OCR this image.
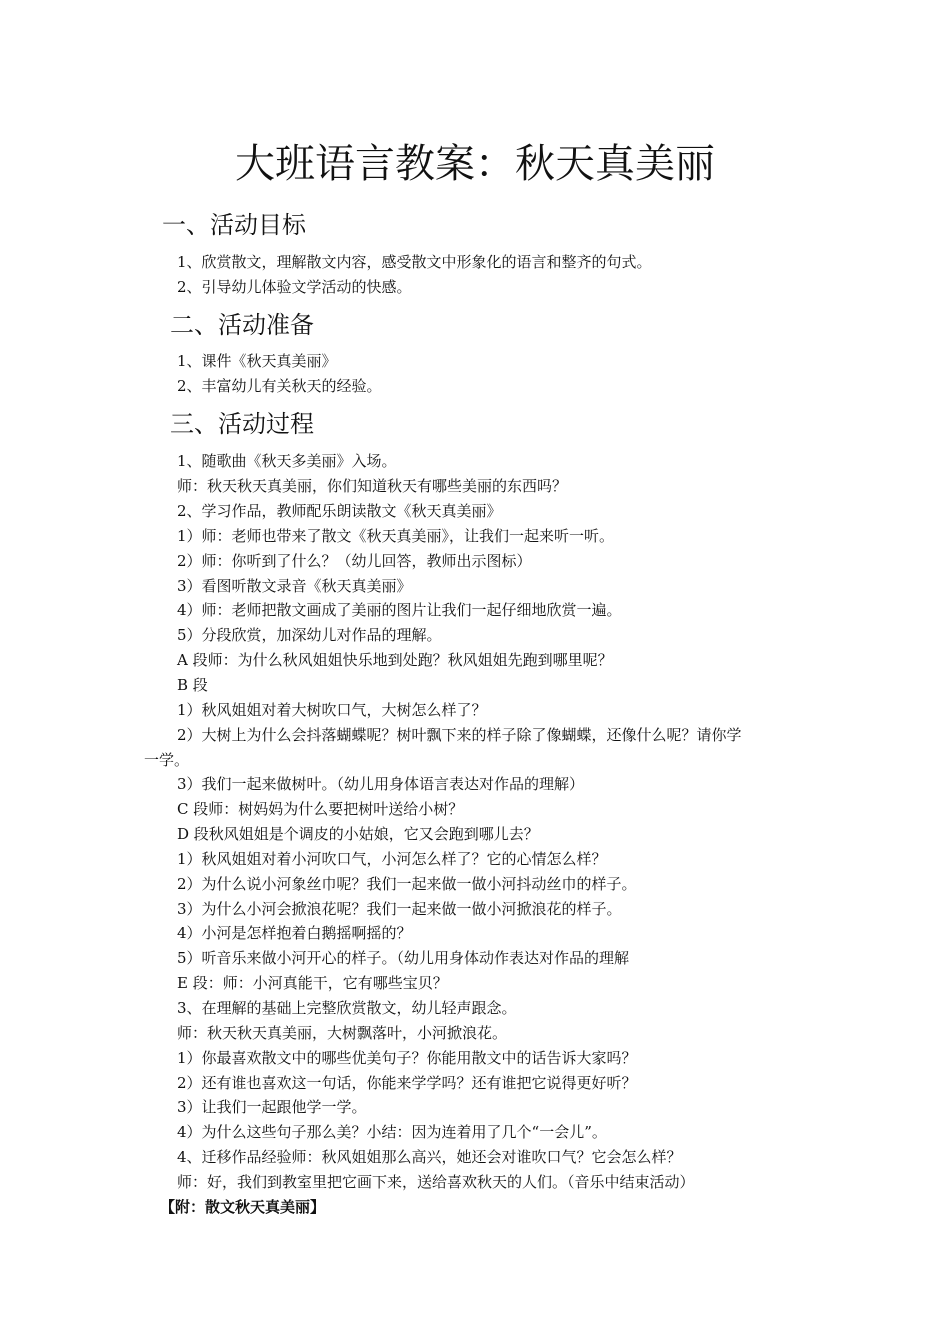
大班语言教案：秋天真美丽
一、活动目标

1、欣赏散文，理解散文内容，感受散文中形象化的语言和整齐的句式。

2、引导幼儿体验文学活动的快感。

二、活动准备

1、课件《秋天真美丽》

2、丰富幼儿有关秋天的经验。

三、活动过程

1、随歌曲《秋天多美丽》入场。

师：秋天秋天真美丽，你们知道秋天有哪些美丽的东西吗？

2、学习作品，教师配乐朗读散文《秋天真美丽》

1）师：老师也带来了散文《秋天真美丽》，让我们一起来听一听。

2）师：你听到了什么？（幼儿回答，教师出示图标）

3）看图听散文录音《秋天真美丽》

4）师：老师把散文画成了美丽的图片让我们一起仔细地欣赏一遍。

5）分段欣赏，加深幼儿对作品的理解。

A 段师：为什么秋风姐姐快乐地到处跑？秋风姐姐先跑到哪里呢？

B 段

1）秋风姐姐对着大树吹口气，大树怎么样了？

2）大树上为什么会抖落蝴蝶呢？树叶飘下来的样子除了像蝴蝶，还像什么呢？请你学

一学。

3）我们一起来做树叶。（幼儿用身体语言表达对作品的理解）

C 段师：树妈妈为什么要把树叶送给小树？

D 段秋风姐姐是个调皮的小姑娘，它又会跑到哪儿去？

1）秋风姐姐对着小河吹口气，小河怎么样了？它的心情怎么样？

2）为什么说小河象丝巾呢？我们一起来做一做小河抖动丝巾的样子。

3）为什么小河会掀浪花呢？我们一起来做一做小河掀浪花的样子。

4）小河是怎样抱着白鹅摇啊摇的？

5）听音乐来做小河开心的样子。（幼儿用身体动作表达对作品的理解

E 段：师：小河真能干，它有哪些宝贝？

3、在理解的基础上完整欣赏散文，幼儿轻声跟念。

师：秋天秋天真美丽，大树飘落叶，小河掀浪花。

1）你最喜欢散文中的哪些优美句子？你能用散文中的话告诉大家吗？

2）还有谁也喜欢这一句话，你能来学学吗？还有谁把它说得更好听？

3）让我们一起跟他学一学。

4）为什么这些句子那么美？小结：因为连着用了几个“一会儿”。

4、迁移作品经验师：秋风姐姐那么高兴，她还会对谁吹口气？它会怎么样？

师：好，我们到教室里把它画下来，送给喜欢秋天的人们。（音乐中结束活动）

【附：散文秋天真美丽】
